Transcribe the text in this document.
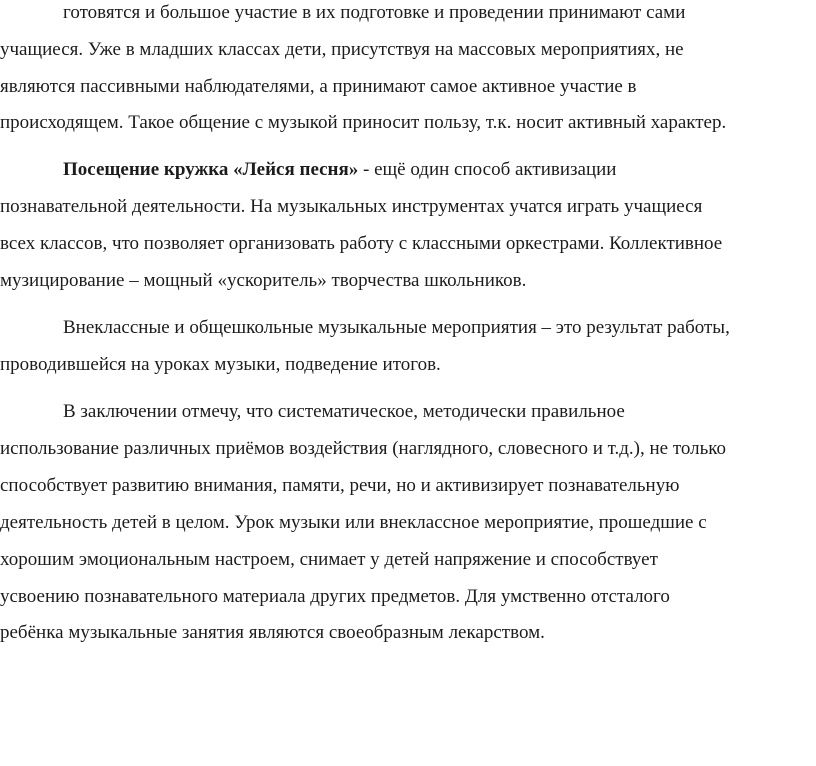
готовятся и большое участие в их подготовке и проведении принимают сами

учащиеся. Уже в младших классах дети, присутствуя на массовых мероприятиях, не

являются пассивными наблюдателями, а принимают самое активное участие в

происходящем. Такое общение с музыкой приносит пользу, т.к. носит активный характер.

Посещение кружка «Лейся песня» - ещё один способ активизации

познавательной деятельности. На музыкальных инструментах учатся играть учащиеся

всех классов, что позволяет организовать работу с классными оркестрами. Коллективное

музицирование – мощный «ускоритель» творчества школьников.

Внеклассные и общешкольные музыкальные мероприятия – это результат работы,

проводившейся на уроках музыки, подведение итогов.

В заключении отмечу, что систематическое, методически правильное

использование различных приёмов воздействия (наглядного, словесного и т.д.), не только

способствует развитию внимания, памяти, речи, но и активизирует познавательную

деятельность детей в целом. Урок музыки или внеклассное мероприятие, прошедшие с

хорошим эмоциональным настроем, снимает у детей напряжение и способствует

усвоению познавательного материала других предметов. Для умственно отсталого

ребёнка музыкальные занятия являются своеобразным лекарством.
